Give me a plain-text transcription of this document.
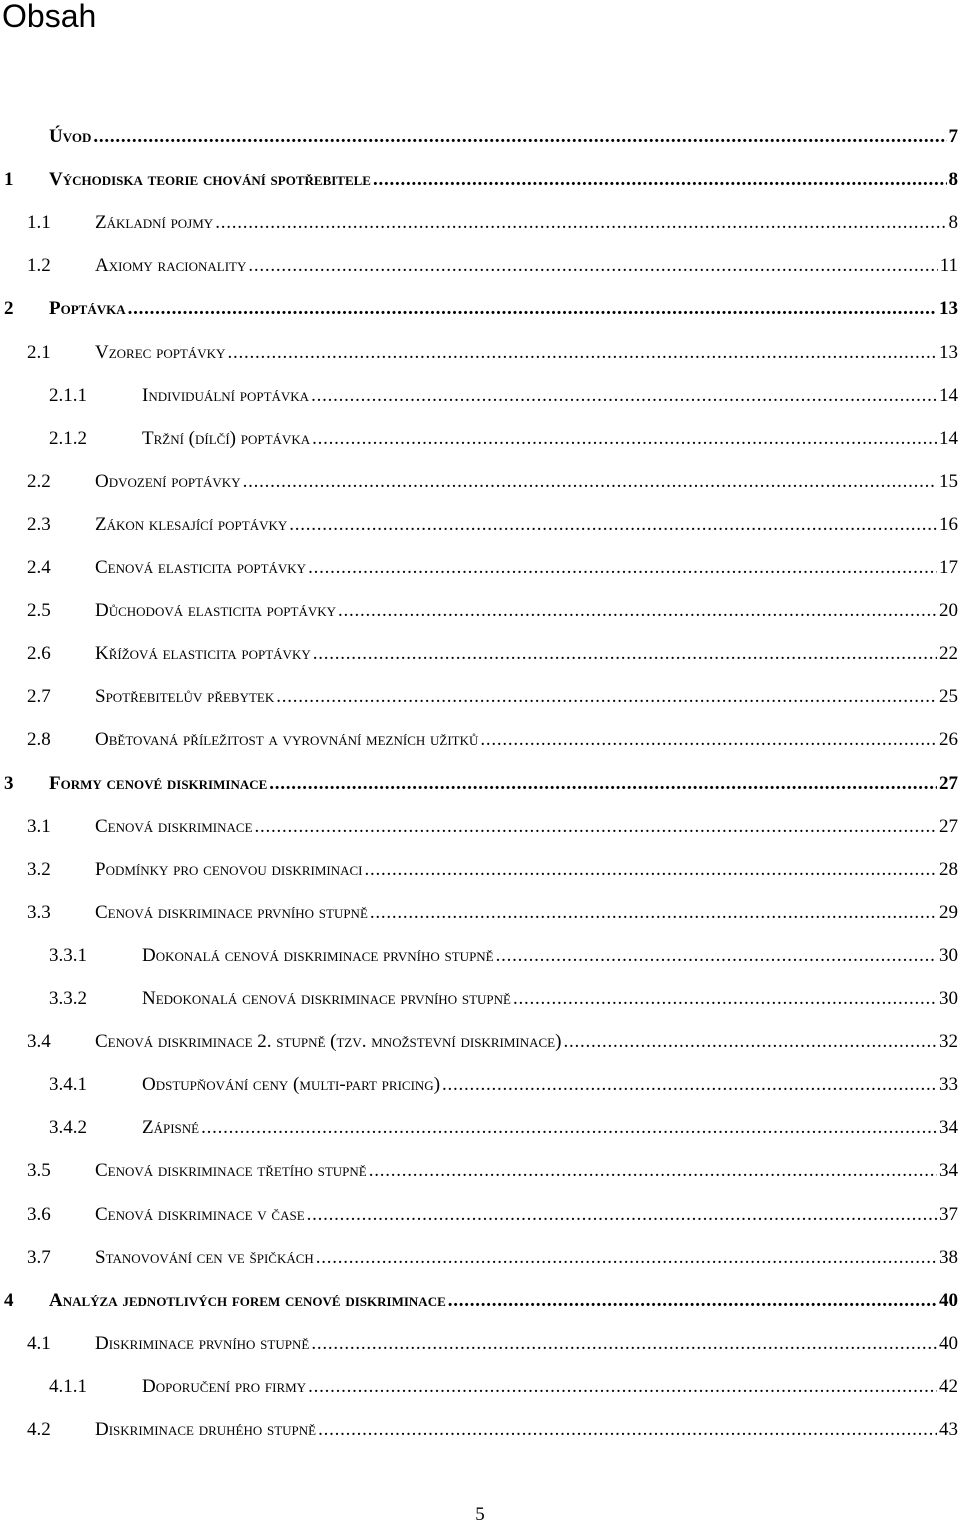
Obsah
Úvod . . .	7
1	Východiska teorie chování spotřebitele . . .	8
1.1	Základní pojmy . . .	8
1.2	Axiomy racionality . . .	11
2	Poptávka . . .	13
2.1	Vzorec poptávky . . .	13
2.1.1	Individuální poptávka . . .	14
2.1.2	Tržní (dílčí) poptávka . . .	14
2.2	Odvození poptávky . . .	15
2.3	Zákon klesající poptávky . . .	16
2.4	Cenová elasticita poptávky . . .	17
2.5	Důchodová elasticita poptávky . . .	20
2.6	Křížová elasticita poptávky . . .	22
2.7	Spotřebitelův přebytek . . .	25
2.8	Obětovaná příležitost a vyrovnání mezních užitků . . .	26
3	Formy cenové diskriminace . . .	27
3.1	Cenová diskriminace . . .	27
3.2	Podmínky pro cenovou diskriminaci . . .	28
3.3	Cenová diskriminace prvního stupně . . .	29
3.3.1	Dokonalá cenová diskriminace prvního stupně . . .	30
3.3.2	Nedokonalá cenová diskriminace prvního stupně . . .	30
3.4	Cenová diskriminace 2. stupně (tzv. množstevní diskriminace) . . .	32
3.4.1	Odstupňování ceny (multi-part pricing) . . .	33
3.4.2	Zápisné . . .	34
3.5	Cenová diskriminace třetího stupně . . .	34
3.6	Cenová diskriminace v čase . . .	37
3.7	Stanovování cen ve špičkách . . .	38
4	Analýza jednotlivých forem cenové diskriminace . . .	40
4.1	Diskriminace prvního stupně . . .	40
4.1.1	Doporučení pro firmy . . .	42
4.2	Diskriminace druhého stupně . . .	43
5
